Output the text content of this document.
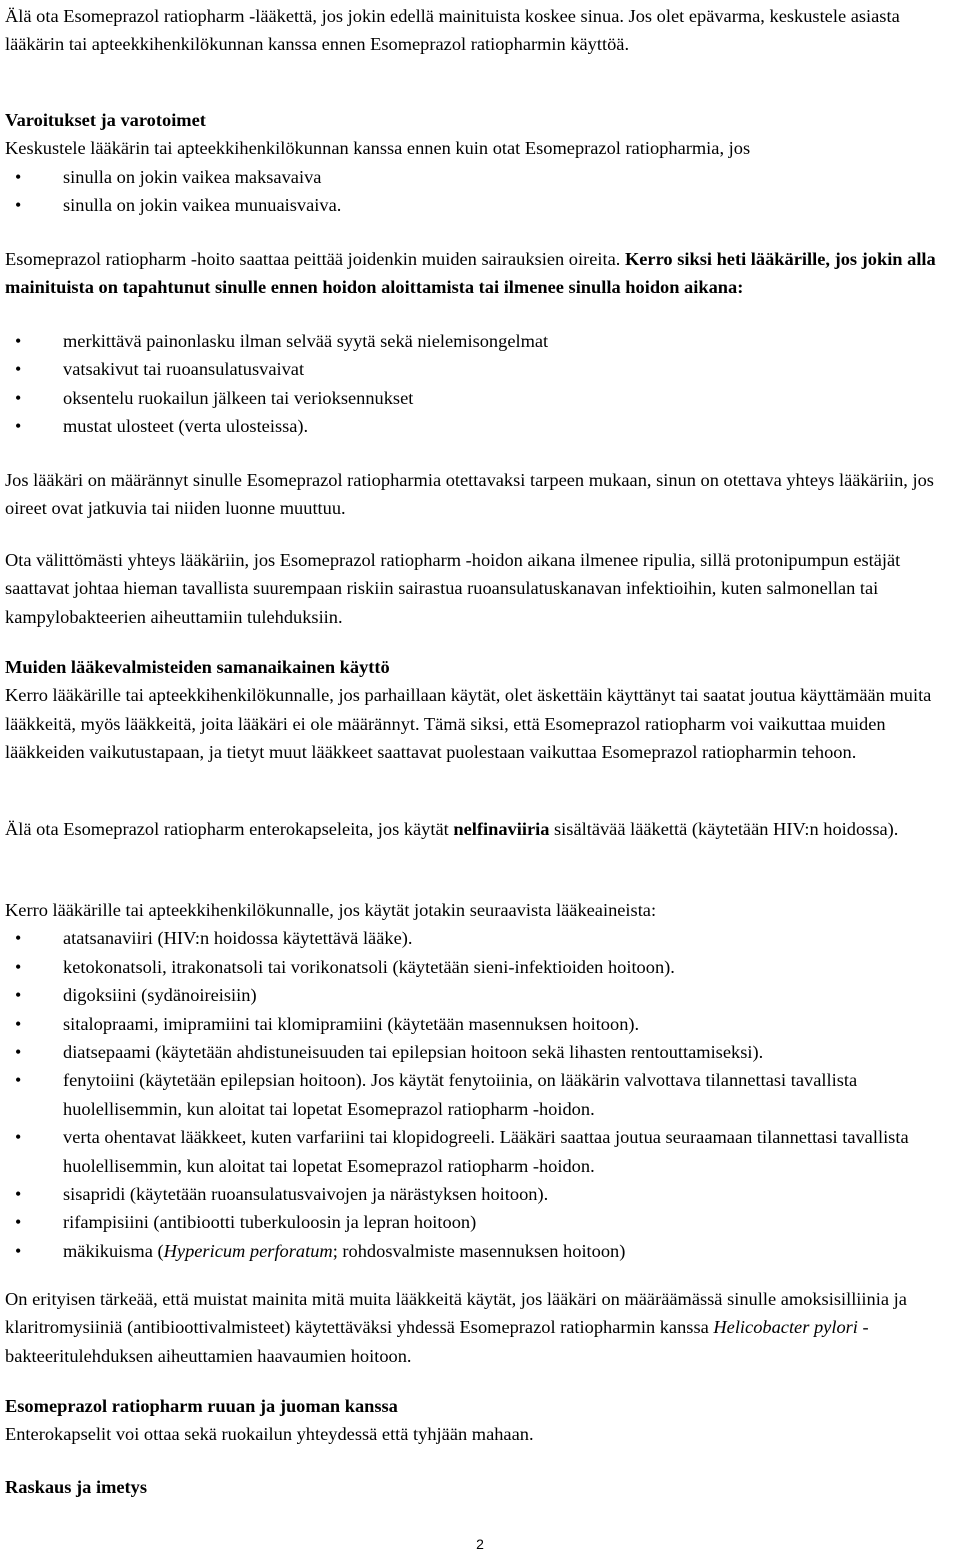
Älä ota Esomeprazol ratiopharm -lääkettä, jos jokin edellä mainituista koskee sinua. Jos olet epävarma, keskustele asiasta lääkärin tai apteekkihenkilökunnan kanssa ennen Esomeprazol ratiopharmin käyttöä.

Varoitukset ja varotoimet

Keskustele lääkärin tai apteekkihenkilökunnan kanssa ennen kuin otat Esomeprazol ratiopharmia, jos

• sinulla on jokin vaikea maksavaiva
• sinulla on jokin vaikea munuaisvaiva.

Esomeprazol ratiopharm -hoito saattaa peittää joidenkin muiden sairauksien oireita. Kerro siksi heti lääkärille, jos jokin alla mainituista on tapahtunut sinulle ennen hoidon aloittamista tai ilmenee sinulla hoidon aikana:

• merkittävä painonlasku ilman selvää syytä sekä nielemisongelmat
• vatsakivut tai ruoansulatusvaivat
• oksentelu ruokailun jälkeen tai verioksennukset
• mustat ulosteet (verta ulosteissa).

Jos lääkäri on määrännyt sinulle Esomeprazol ratiopharmia otettavaksi tarpeen mukaan, sinun on otettava yhteys lääkäriin, jos oireet ovat jatkuvia tai niiden luonne muuttuu.

Ota välittömästi yhteys lääkäriin, jos Esomeprazol ratiopharm -hoidon aikana ilmenee ripulia, sillä protonipumpun estäjät saattavat johtaa hieman tavallista suurempaan riskiin sairastua ruoansulatuskanavan infektioihin, kuten salmonellan tai kampylobakteerien aiheuttamiin tulehduksiin.

Muiden lääkevalmisteiden samanaikainen käyttö

Kerro lääkärille tai apteekkihenkilökunnalle, jos parhaillaan käytät, olet äskettäin käyttänyt tai saatat joutua käyttämään muita lääkkeitä, myös lääkkeitä, joita lääkäri ei ole määrännyt. Tämä siksi, että Esomeprazol ratiopharm voi vaikuttaa muiden lääkkeiden vaikutustapaan, ja tietyt muut lääkkeet saattavat puolestaan vaikuttaa Esomeprazol ratiopharmin tehoon.

Älä ota Esomeprazol ratiopharm enterokapseleita, jos käytät nelfinaviiria sisältävää lääkettä (käytetään HIV:n hoidossa).

Kerro lääkärille tai apteekkihenkilökunnalle, jos käytät jotakin seuraavista lääkeaineista:

• atatsanaviiri (HIV:n hoidossa käytettävä lääke).
• ketokonatsoli, itrakonatsoli tai vorikonatsoli (käytetään sieni-infektioiden hoitoon).
• digoksiini (sydänoireisiin)
• sitalopraami, imipramiini tai klomipramiini (käytetään masennuksen hoitoon).
• diatsepaami (käytetään ahdistuneisuuden tai epilepsian hoitoon sekä lihasten rentouttamiseksi).
• fenytoiini (käytetään epilepsian hoitoon). Jos käytät fenytoiinia, on lääkärin valvottava tilannettasi tavallista huolellisemmin, kun aloitat tai lopetat Esomeprazol ratiopharm -hoidon.
• verta ohentavat lääkkeet, kuten varfariini tai klopidogreeli. Lääkäri saattaa joutua seuraamaan tilannettasi tavallista huolellisemmin, kun aloitat tai lopetat Esomeprazol ratiopharm -hoidon.
• sisapridi (käytetään ruoansulatusvaivojen ja närästyksen hoitoon).
• rifampisiini (antibiootti tuberkuloosin ja lepran hoitoon)
• mäkikuisma (Hypericum perforatum; rohdosvalmiste masennuksen hoitoon)

On erityisen tärkeää, että muistat mainita mitä muita lääkkeitä käytät, jos lääkäri on määräämässä sinulle amoksisilliinia ja klaritromysiiniä (antibioottivalmisteet) käytettäväksi yhdessä Esomeprazol ratiopharmin kanssa Helicobacter pylori -bakteeritulehduksen aiheuttamien haavaumien hoitoon.

Esomeprazol ratiopharm ruuan ja juoman kanssa

Enterokapselit voi ottaa sekä ruokailun yhteydessä että tyhjään mahaan.

Raskaus ja imetys

2
